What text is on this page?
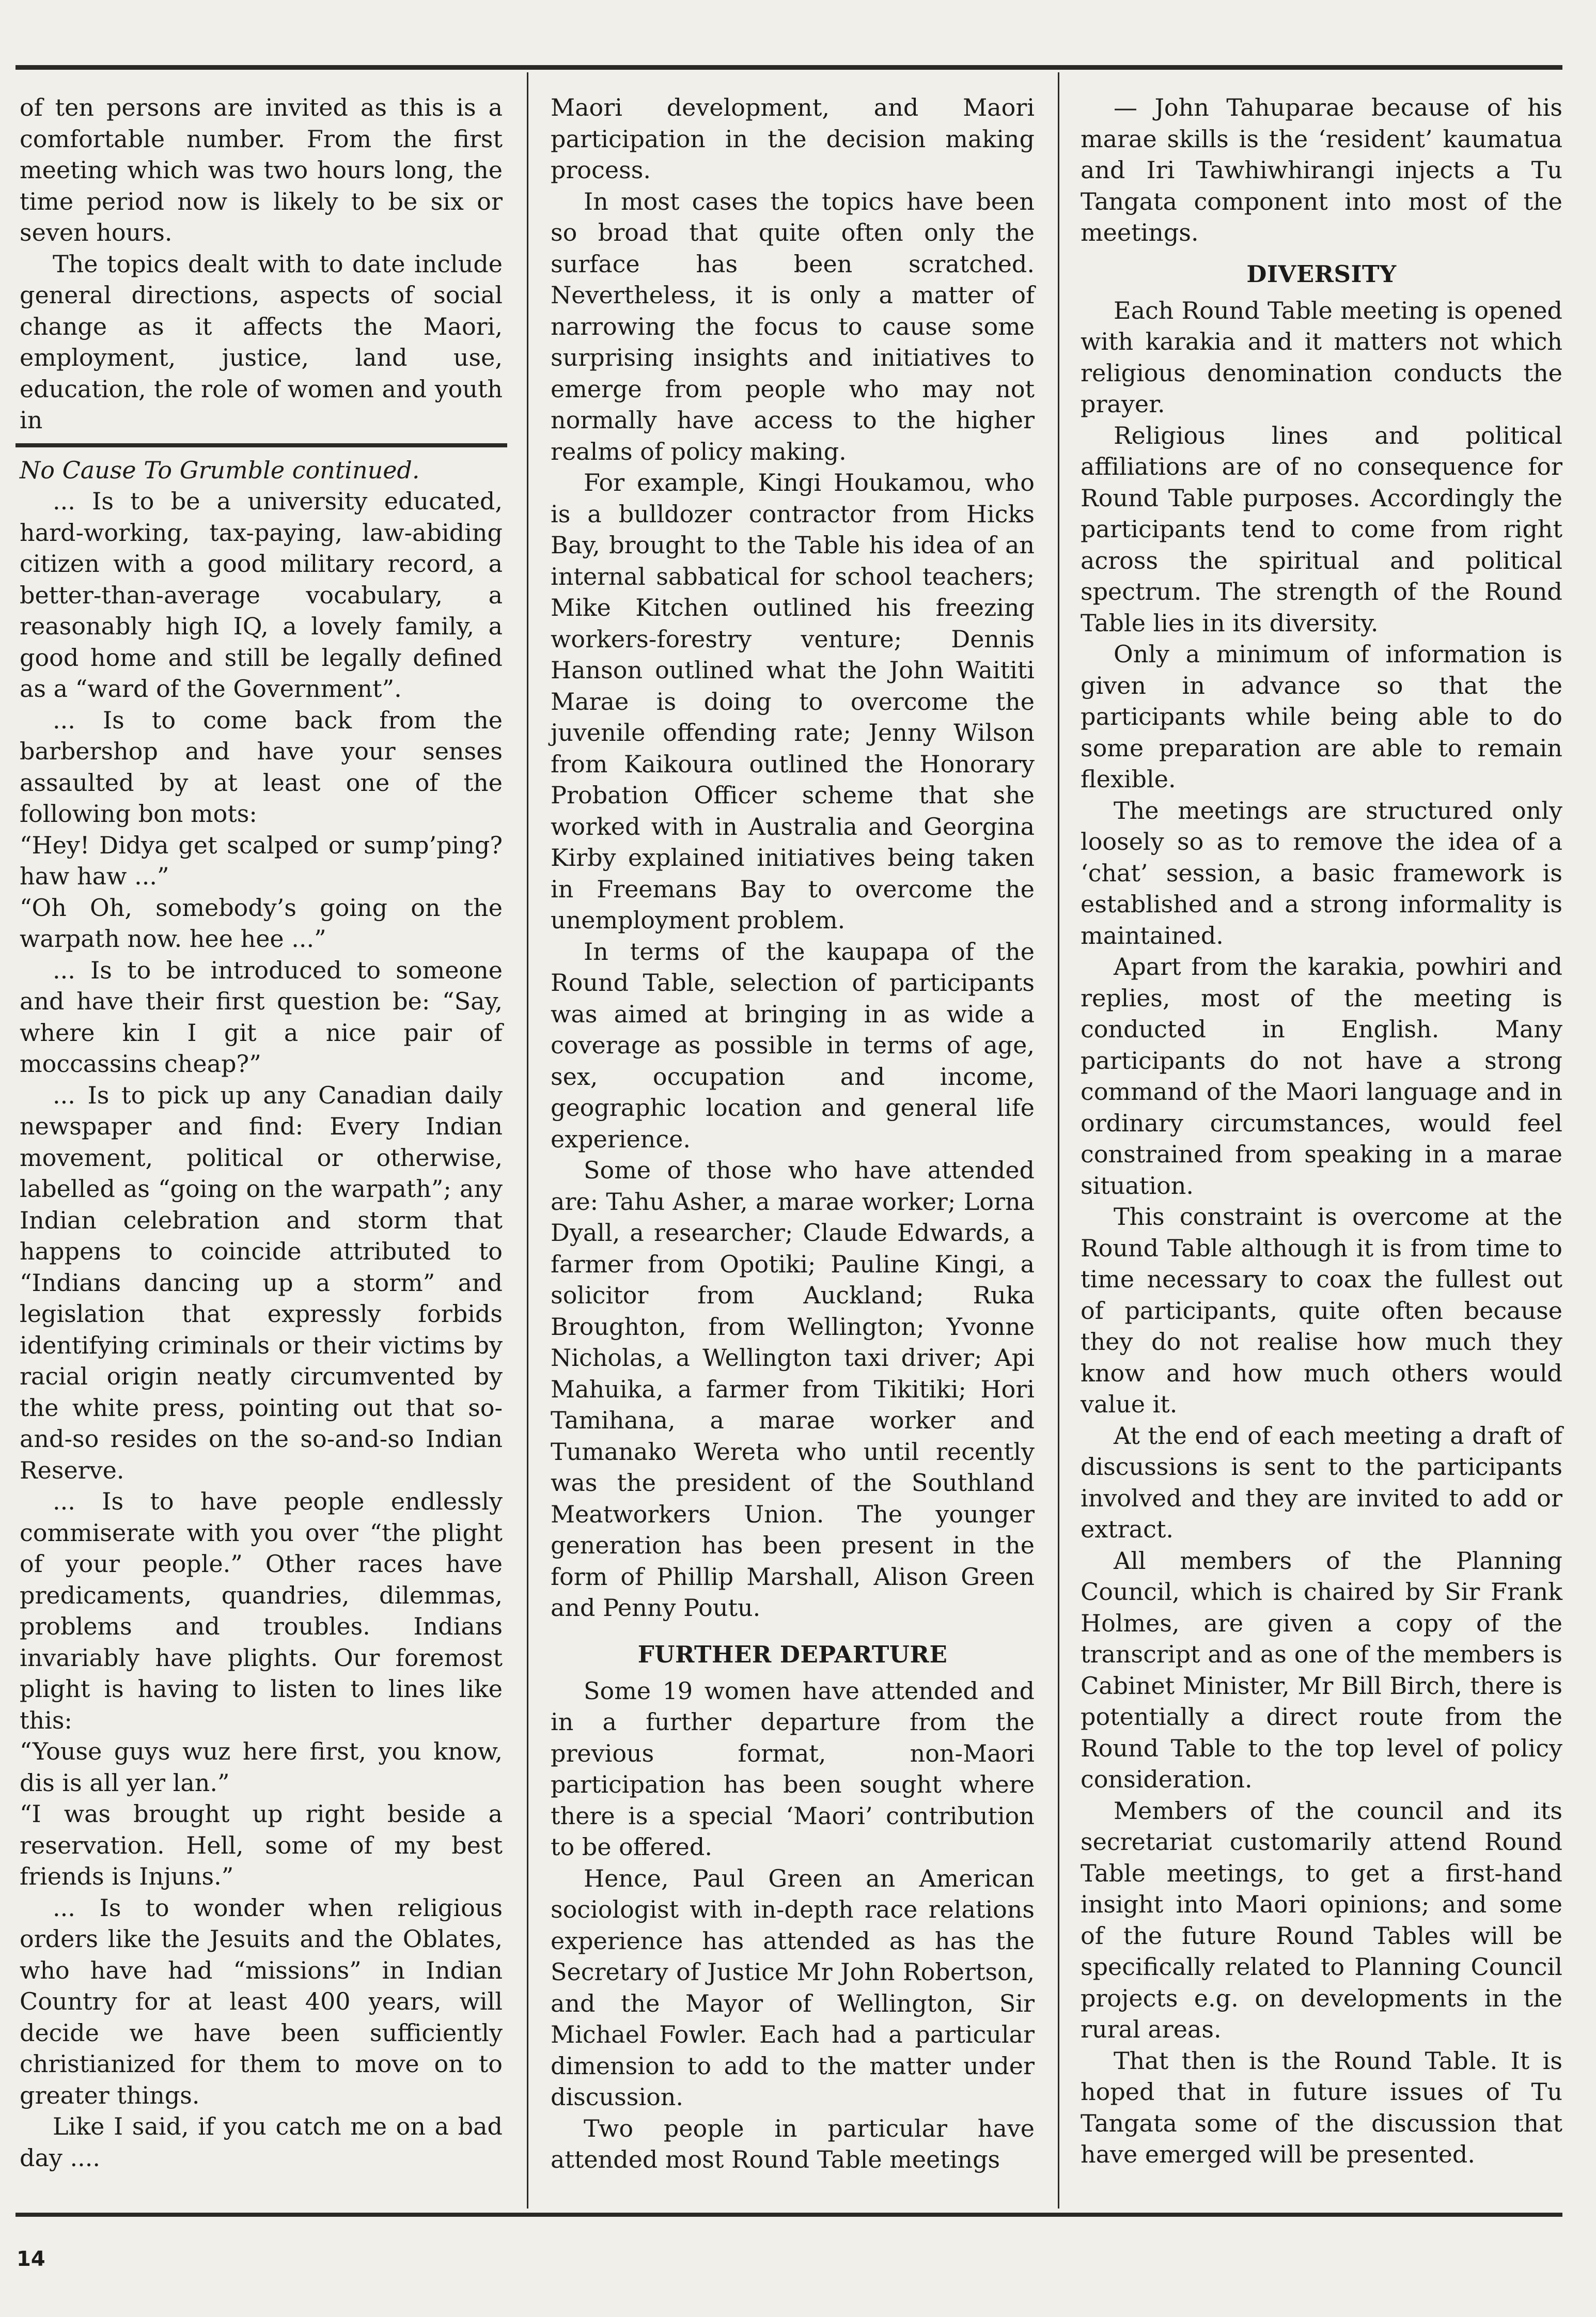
of ten persons are invited as this is a comfortable number. From the first meeting which was two hours long, the time period now is likely to be six or seven hours.

The topics dealt with to date include general directions, aspects of social change as it affects the Maori, employment, justice, land use, education, the role of women and youth in

No Cause To Grumble continued.

... Is to be a university educated, hard-working, tax-paying, law-abiding citizen with a good military record, a better-than-average vocabulary, a reasonably high IQ, a lovely family, a good home and still be legally defined as a “ward of the Government”.

... Is to come back from the barbershop and have your senses assaulted by at least one of the following bon mots:

“Hey! Didya get scalped or sump’ping? haw haw ...”

“Oh Oh, somebody’s going on the warpath now. hee hee ...”

... Is to be introduced to someone and have their first question be: “Say, where kin I git a nice pair of moccassins cheap?”

... Is to pick up any Canadian daily newspaper and find: Every Indian movement, political or otherwise, labelled as “going on the warpath”; any Indian celebration and storm that happens to coincide attributed to “Indians dancing up a storm” and legislation that expressly forbids identifying criminals or their victims by racial origin neatly circumvented by the white press, pointing out that so-and-so resides on the so-and-so Indian Reserve.

... Is to have people endlessly commiserate with you over “the plight of your people.” Other races have predicaments, quandries, dilemmas, problems and troubles. Indians invariably have plights. Our foremost plight is having to listen to lines like this:

“Youse guys wuz here first, you know, dis is all yer lan.”

“I was brought up right beside a reservation. Hell, some of my best friends is Injuns.”

... Is to wonder when religious orders like the Jesuits and the Oblates, who have had “missions” in Indian Country for at least 400 years, will decide we have been sufficiently christianized for them to move on to greater things.

Like I said, if you catch me on a bad day ....

Maori development, and Maori participation in the decision making process.

In most cases the topics have been so broad that quite often only the surface has been scratched. Nevertheless, it is only a matter of narrowing the focus to cause some surprising insights and initiatives to emerge from people who may not normally have access to the higher realms of policy making.

For example, Kingi Houkamou, who is a bulldozer contractor from Hicks Bay, brought to the Table his idea of an internal sabbatical for school teachers; Mike Kitchen outlined his freezing workers-forestry venture; Dennis Hanson outlined what the John Waititi Marae is doing to overcome the juvenile offending rate; Jenny Wilson from Kaikoura outlined the Honorary Probation Officer scheme that she worked with in Australia and Georgina Kirby explained initiatives being taken in Freemans Bay to overcome the unemployment problem.

In terms of the kaupapa of the Round Table, selection of participants was aimed at bringing in as wide a coverage as possible in terms of age, sex, occupation and income, geographic location and general life experience.

Some of those who have attended are: Tahu Asher, a marae worker; Lorna Dyall, a researcher; Claude Edwards, a farmer from Opotiki; Pauline Kingi, a solicitor from Auckland; Ruka Broughton, from Wellington; Yvonne Nicholas, a Wellington taxi driver; Api Mahuika, a farmer from Tikitiki; Hori Tamihana, a marae worker and Tumanako Wereta who until recently was the president of the Southland Meatworkers Union. The younger generation has been present in the form of Phillip Marshall, Alison Green and Penny Poutu.

FURTHER DEPARTURE

Some 19 women have attended and in a further departure from the previous format, non-Maori participation has been sought where there is a special ‘Maori’ contribution to be offered.

Hence, Paul Green an American sociologist with in-depth race relations experience has attended as has the Secretary of Justice Mr John Robertson, and the Mayor of Wellington, Sir Michael Fowler. Each had a particular dimension to add to the matter under discussion.

Two people in particular have attended most Round Table meetings

— John Tahuparae because of his marae skills is the ‘resident’ kaumatua and Iri Tawhiwhirangi injects a Tu Tangata component into most of the meetings.

DIVERSITY

Each Round Table meeting is opened with karakia and it matters not which religious denomination conducts the prayer.

Religious lines and political affiliations are of no consequence for Round Table purposes. Accordingly the participants tend to come from right across the spiritual and political spectrum. The strength of the Round Table lies in its diversity.

Only a minimum of information is given in advance so that the participants while being able to do some preparation are able to remain flexible.

The meetings are structured only loosely so as to remove the idea of a ‘chat’ session, a basic framework is established and a strong informality is maintained.

Apart from the karakia, powhiri and replies, most of the meeting is conducted in English. Many participants do not have a strong command of the Maori language and in ordinary circumstances, would feel constrained from speaking in a marae situation.

This constraint is overcome at the Round Table although it is from time to time necessary to coax the fullest out of participants, quite often because they do not realise how much they know and how much others would value it.

At the end of each meeting a draft of discussions is sent to the participants involved and they are invited to add or extract.

All members of the Planning Council, which is chaired by Sir Frank Holmes, are given a copy of the transcript and as one of the members is Cabinet Minister, Mr Bill Birch, there is potentially a direct route from the Round Table to the top level of policy consideration.

Members of the council and its secretariat customarily attend Round Table meetings, to get a first-hand insight into Maori opinions; and some of the future Round Tables will be specifically related to Planning Council projects e.g. on developments in the rural areas.

That then is the Round Table. It is hoped that in future issues of Tu Tangata some of the discussion that have emerged will be presented.

14
